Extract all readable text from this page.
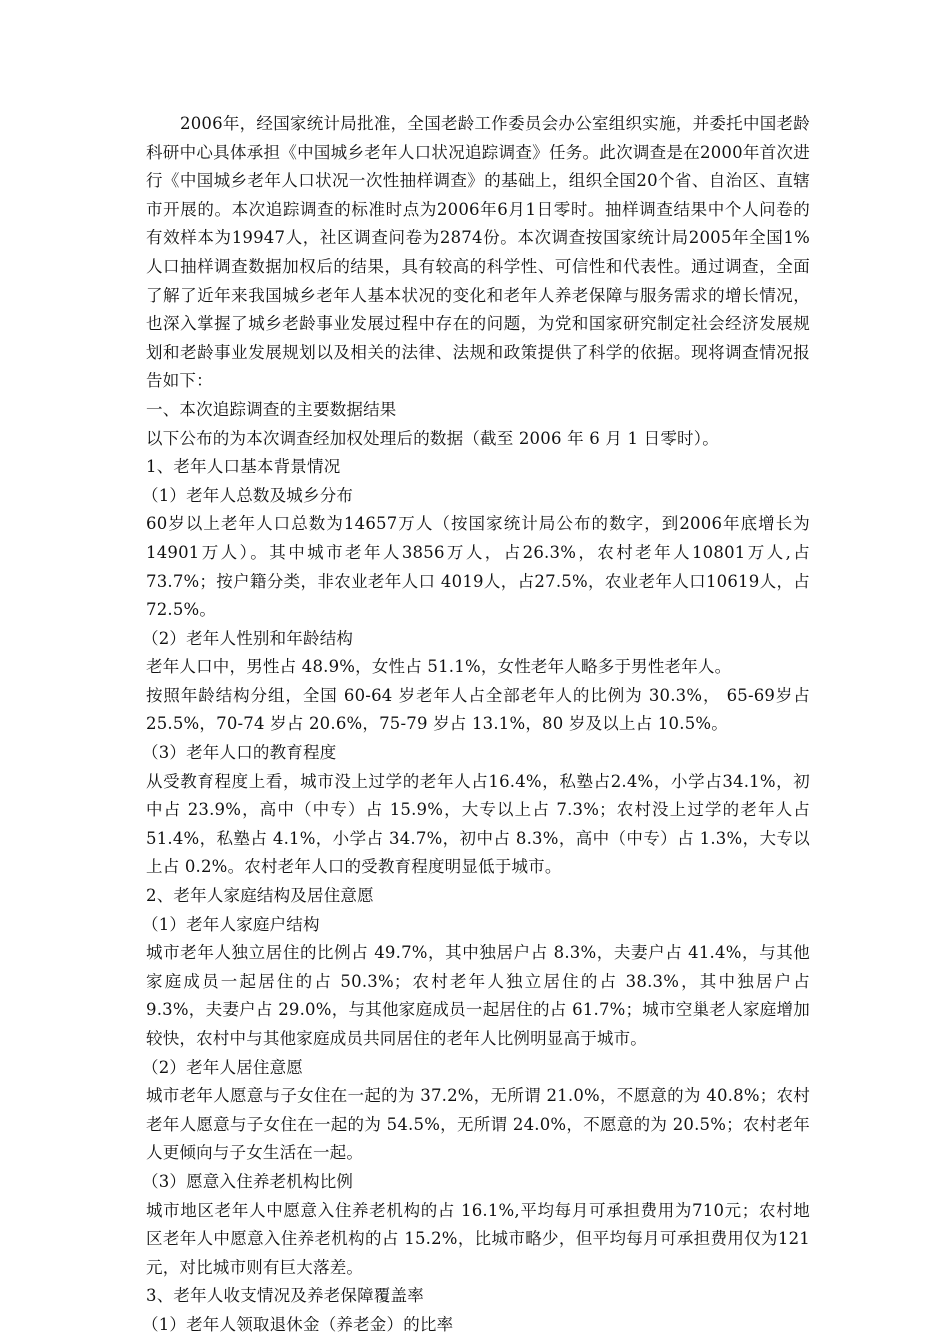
2006年，经国家统计局批准，全国老龄工作委员会办公室组织实施，并委托中国老龄科研中心具体承担《中国城乡老年人口状况追踪调查》任务。此次调查是在2000年首次进行《中国城乡老年人口状况一次性抽样调查》的基础上，组织全国20个省、自治区、直辖市开展的。本次追踪调查的标准时点为2006年6月1日零时。抽样调查结果中个人问卷的有效样本为19947人，社区调查问卷为2874份。本次调查按国家统计局2005年全国1%人口抽样调查数据加权后的结果，具有较高的科学性、可信性和代表性。通过调查，全面了解了近年来我国城乡老年人基本状况的变化和老年人养老保障与服务需求的增长情况，也深入掌握了城乡老龄事业发展过程中存在的问题，为党和国家研究制定社会经济发展规划和老龄事业发展规划以及相关的法律、法规和政策提供了科学的依据。现将调查情况报告如下：

一、本次追踪调查的主要数据结果

以下公布的为本次调查经加权处理后的数据（截至 2006 年 6 月 1 日零时）。

1、老年人口基本背景情况

（1）老年人总数及城乡分布

60岁以上老年人口总数为14657万人（按国家统计局公布的数字，到2006年底增长为14901万人）。其中城市老年人3856万人，占26.3%，农村老年人10801万人,占73.7%；按户籍分类，非农业老年人口 4019人，占27.5%，农业老年人口10619人，占72.5%。

（2）老年人性别和年龄结构

老年人口中，男性占 48.9%，女性占 51.1%，女性老年人略多于男性老年人。

按照年龄结构分组，全国 60-64 岁老年人占全部老年人的比例为 30.3%， 65-69岁占 25.5%，70-74 岁占 20.6%，75-79 岁占 13.1%，80 岁及以上占 10.5%。

（3）老年人口的教育程度

从受教育程度上看，城市没上过学的老年人占16.4%，私塾占2.4%，小学占34.1%，初中占 23.9%，高中（中专）占 15.9%，大专以上占 7.3%；农村没上过学的老年人占 51.4%，私塾占 4.1%，小学占 34.7%，初中占 8.3%，高中（中专）占 1.3%，大专以上占 0.2%。农村老年人口的受教育程度明显低于城市。

2、老年人家庭结构及居住意愿

（1）老年人家庭户结构

城市老年人独立居住的比例占 49.7%，其中独居户占 8.3%，夫妻户占 41.4%，与其他家庭成员一起居住的占 50.3%；农村老年人独立居住的占 38.3%，其中独居户占 9.3%，夫妻户占 29.0%，与其他家庭成员一起居住的占 61.7%；城市空巢老人家庭增加较快，农村中与其他家庭成员共同居住的老年人比例明显高于城市。

（2）老年人居住意愿

城市老年人愿意与子女住在一起的为 37.2%，无所谓 21.0%，不愿意的为 40.8%；农村老年人愿意与子女住在一起的为 54.5%，无所谓 24.0%，不愿意的为 20.5%；农村老年人更倾向与子女生活在一起。

（3）愿意入住养老机构比例

城市地区老年人中愿意入住养老机构的占 16.1%,平均每月可承担费用为710元；农村地区老年人中愿意入住养老机构的占 15.2%，比城市略少，但平均每月可承担费用仅为121元，对比城市则有巨大落差。

3、老年人收支情况及养老保障覆盖率

（1）老年人领取退休金（养老金）的比率
